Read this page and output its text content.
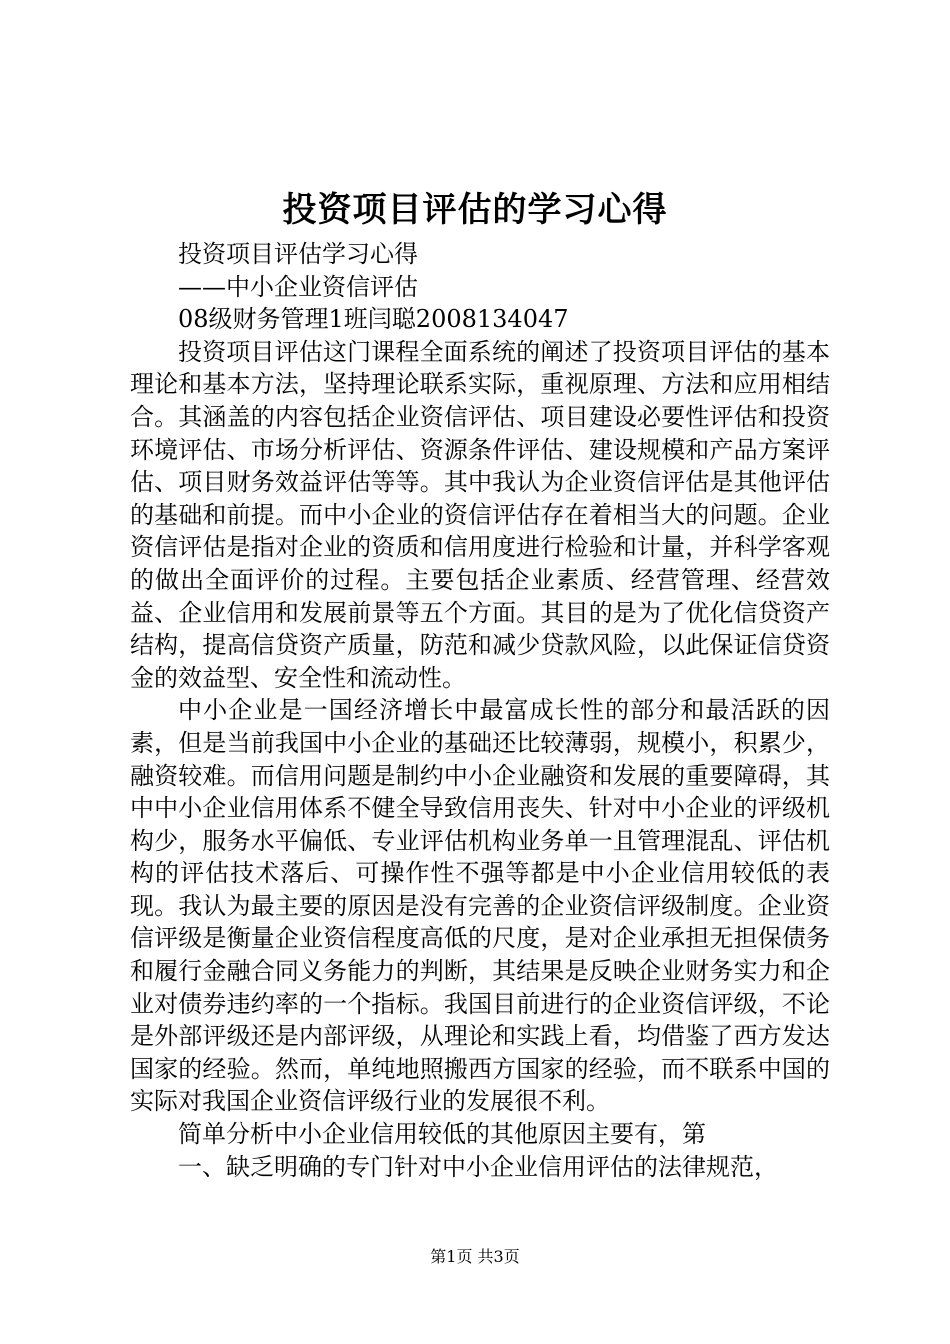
投资项目评估的学习心得

投资项目评估学习心得

——中小企业资信评估

08级财务管理1班闫聪2008134047

投资项目评估这门课程全面系统的阐述了投资项目评估的基本理论和基本方法，坚持理论联系实际，重视原理、方法和应用相结合。其涵盖的内容包括企业资信评估、项目建设必要性评估和投资环境评估、市场分析评估、资源条件评估、建设规模和产品方案评估、项目财务效益评估等等。其中我认为企业资信评估是其他评估的基础和前提。而中小企业的资信评估存在着相当大的问题。企业资信评估是指对企业的资质和信用度进行检验和计量，并科学客观的做出全面评价的过程。主要包括企业素质、经营管理、经营效益、企业信用和发展前景等五个方面。其目的是为了优化信贷资产结构，提高信贷资产质量，防范和减少贷款风险，以此保证信贷资金的效益型、安全性和流动性。

中小企业是一国经济增长中最富成长性的部分和最活跃的因素，但是当前我国中小企业的基础还比较薄弱，规模小，积累少，融资较难。而信用问题是制约中小企业融资和发展的重要障碍，其中中小企业信用体系不健全导致信用丧失、针对中小企业的评级机构少，服务水平偏低、专业评估机构业务单一且管理混乱、评估机构的评估技术落后、可操作性不强等都是中小企业信用较低的表现。我认为最主要的原因是没有完善的企业资信评级制度。企业资信评级是衡量企业资信程度高低的尺度，是对企业承担无担保债务和履行金融合同义务能力的判断，其结果是反映企业财务实力和企业对债券违约率的一个指标。我国目前进行的企业资信评级，不论是外部评级还是内部评级，从理论和实践上看，均借鉴了西方发达国家的经验。然而，单纯地照搬西方国家的经验，而不联系中国的实际对我国企业资信评级行业的发展很不利。

简单分析中小企业信用较低的其他原因主要有，第

一、缺乏明确的专门针对中小企业信用评估的法律规范，

第1页 共3页
